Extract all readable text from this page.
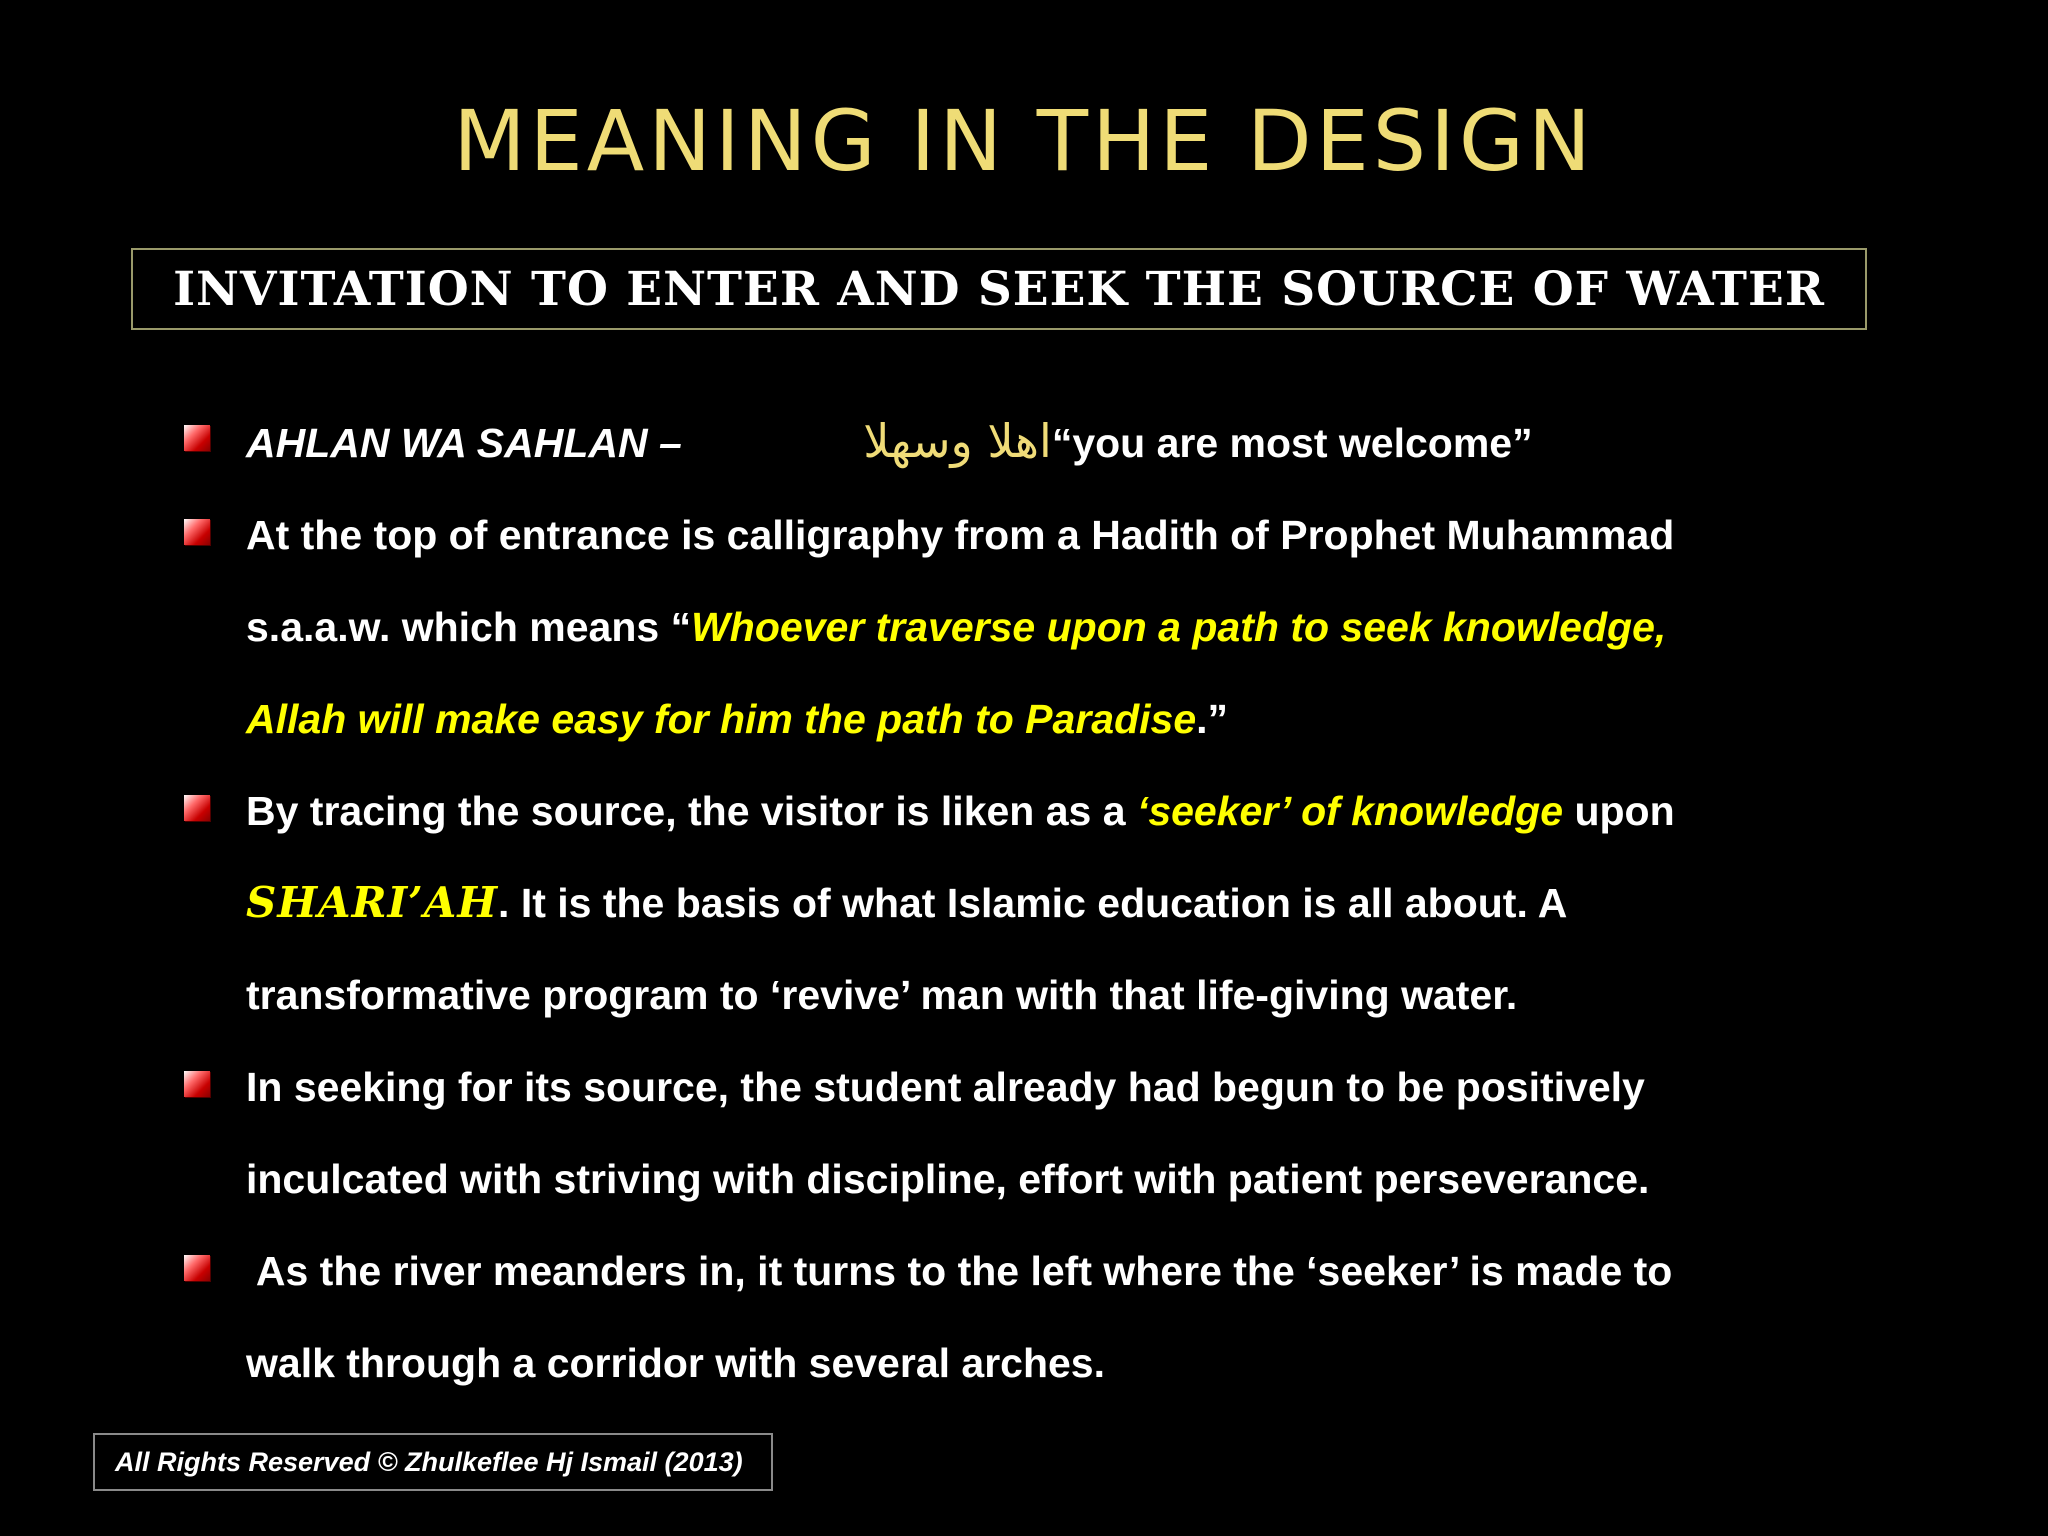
MEANING IN THE DESIGN
INVITATION TO ENTER AND SEEK THE SOURCE OF WATER
AHLAN WA SAHLAN –	اهلا وسهلا“you are most welcome”
At the top of entrance is calligraphy from a Hadith of Prophet Muhammad
s.a.a.w. which means “Whoever traverse upon a path to seek knowledge,
Allah will make easy for him the path to Paradise.”
By tracing the source, the visitor is liken as a ‘seeker’ of knowledge upon
SHARI’AH. It is the basis of what Islamic education is all about. A
transformative program to ‘revive’ man with that life-giving water.
In seeking for its source, the student already had begun to be positively
inculcated with striving with discipline, effort with patient perseverance.
As the river meanders in, it turns to the left where the ‘seeker’ is made to
walk through a corridor with several arches.
All Rights Reserved © Zhulkeflee Hj Ismail (2013)
